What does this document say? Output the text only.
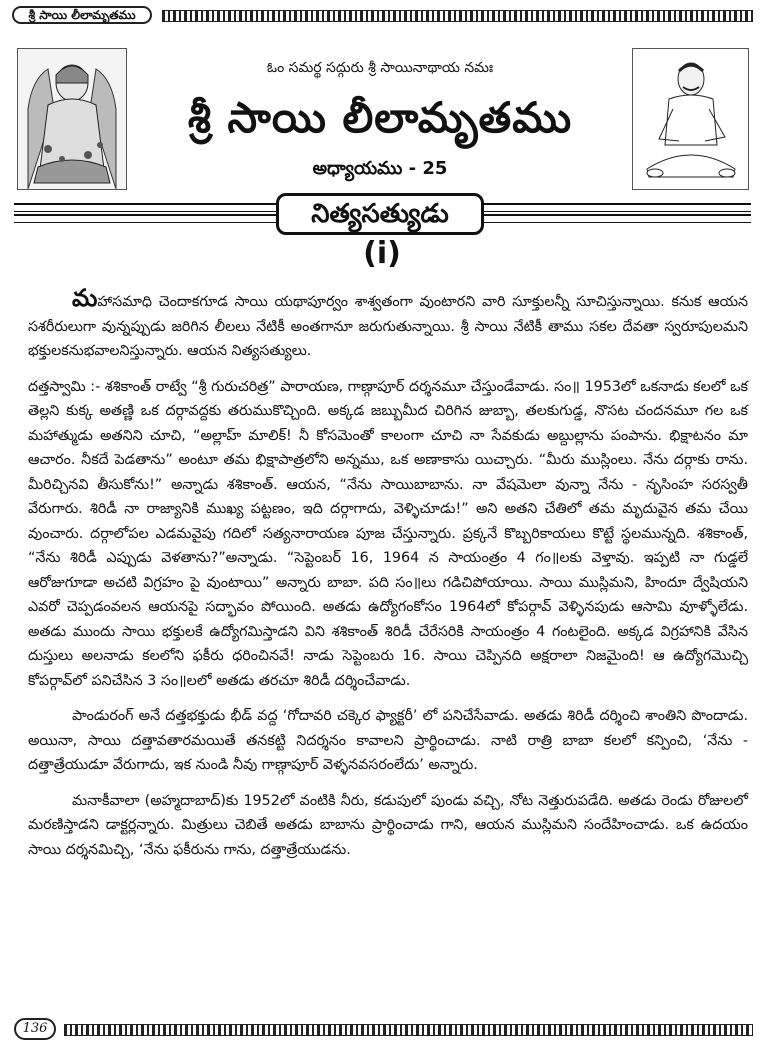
శ్రీ సాయి లీలామృతము
ఓం సమర్థ సద్గురు శ్రీ సాయినాథాయ నమః
శ్రీ సాయి లీలామృతము
అధ్యాయము - 25
నిత్యసత్యుడు
(i)

మహాసమాధి చెందాకగూడ సాయి యథాపూర్వం శాశ్వతంగా వుంటారని వారి సూక్తులన్నీ సూచిస్తున్నాయి. కనుక ఆయన సశరీరులుగా వున్నప్పుడు జరిగిన లీలలు నేటికీ అంతగానూ జరుగుతున్నాయి. శ్రీ సాయి నేటికీ తాము సకల దేవతా స్వరూపులమని భక్తులకనుభవాలనిస్తున్నారు. ఆయన నిత్యసత్యులు.

దత్తస్వామి :- శశికాంత్ రాట్వే “శ్రీ గురుచరిత్ర” పారాయణ, గాణ్గాపూర్ దర్శనమూ చేస్తుండేవాడు. సం॥ 1953లో ఒకనాడు కలలో ఒక తెల్లని కుక్క అతణ్ణి ఒక దర్గావద్దకు తరుముకొచ్చింది. అక్కడ జబ్బుమీద చిరిగిన జుబ్బా, తలకుగుడ్డ, నొసట చందనమూ గల ఒక మహాత్ముడు అతనిని చూచి, “అల్లాహ్ మాలిక్! నీ కోసమెంతో కాలంగా చూచి నా సేవకుడు అబ్దుల్లాను పంపాను. భిక్షాటనం మా ఆచారం. నీకదే పెడతాను” అంటూ తమ భిక్షాపాత్రలోని అన్నము, ఒక అణాకాసు యిచ్చారు. “మీరు ముస్లింలు. నేను దర్గాకు రాను. మీరిచ్చినవి తీసుకోను!” అన్నాడు శశికాంత్. ఆయన, “నేను సాయిబాబాను. నా వేషమెలా వున్నా నేను - నృసింహ సరస్వతీ వేరుగారు. శిరిడీ నా రాజ్యానికి ముఖ్య పట్టణం, ఇది దర్గాగాదు, వెళ్ళిచూడు!” అని అతని చేతిలో తమ మృదువైన తమ చేయి వుంచారు. దర్గాలోపల ఎడమవైపు గదిలో సత్యనారాయణ పూజ చేస్తున్నారు. ప్రక్కనే కొబ్బరికాయలు కొట్టే స్థలమున్నది. శశికాంత్, “నేను శిరిడీ ఎప్పుడు వెళతాను?”అన్నాడు. “సెప్టెంబర్ 16, 1964 న సాయంత్రం 4 గం॥లకు వెళ్తావు. ఇప్పటి నా గుడ్డలే ఆరోజుగూడా అచటి విగ్రహం పై వుంటాయి” అన్నారు బాబా. పది సం॥లు గడిచిపోయాయి. సాయి ముస్లిమని, హిందూ ద్వేషియని ఎవరో చెప్పడంవలన ఆయనపై సద్భావం పోయింది. అతడు ఉద్యోగంకోసం 1964లో కోపర్గావ్ వెళ్ళినపుడు ఆసామి వూళ్ళోలేడు. అతడు ముందు సాయి భక్తులకే ఉద్యోగమిస్తాడని విని శశికాంత్ శిరిడీ చేరేసరికి సాయంత్రం 4 గంటలైంది. అక్కడ విగ్రహానికి వేసిన దుస్తులు అలనాడు కలలోని ఫకీరు ధరించినవే! నాడు సెప్టెంబరు 16. సాయి చెప్పినది అక్షరాలా నిజమైంది! ఆ ఉద్యోగమొచ్చి కోపర్గావ్‌లో పనిచేసిన 3 సం॥లలో అతడు తరచూ శిరిడీ దర్శించేవాడు.

పాండురంగ్ అనే దత్తభక్తుడు భీడ్ వద్ద ‘గోదావరి చక్కెర ఫ్యాక్టరీ’ లో పనిచేసేవాడు. అతడు శిరిడీ దర్శించి శాంతిని పొందాడు. అయినా, సాయి దత్తావతారమయితే తనకట్టి నిదర్శనం కావాలని ప్రార్థించాడు. నాటి రాత్రి బాబా కలలో కన్పించి, ‘నేను - దత్తాత్రేయుడూ వేరుగాదు, ఇక నుండి నీవు గాణ్గాపూర్ వెళ్ళనవసరంలేదు’ అన్నారు.

మనాకీవాలా (అహ్మదాబాద్)కు 1952లో వంటికి నీరు, కడుపులో పుండు వచ్చి, నోట నెత్తురుపడేది. అతడు రెండు రోజులలో మరణిస్తాడని డాక్టర్లన్నారు. మిత్రులు చెబితే అతడు బాబాను ప్రార్థించాడు గాని, ఆయన ముస్లిమని సందేహించాడు. ఒక ఉదయం సాయి దర్శనమిచ్చి, ‘నేను ఫకీరును గాను, దత్తాత్రేయుడను.

136
